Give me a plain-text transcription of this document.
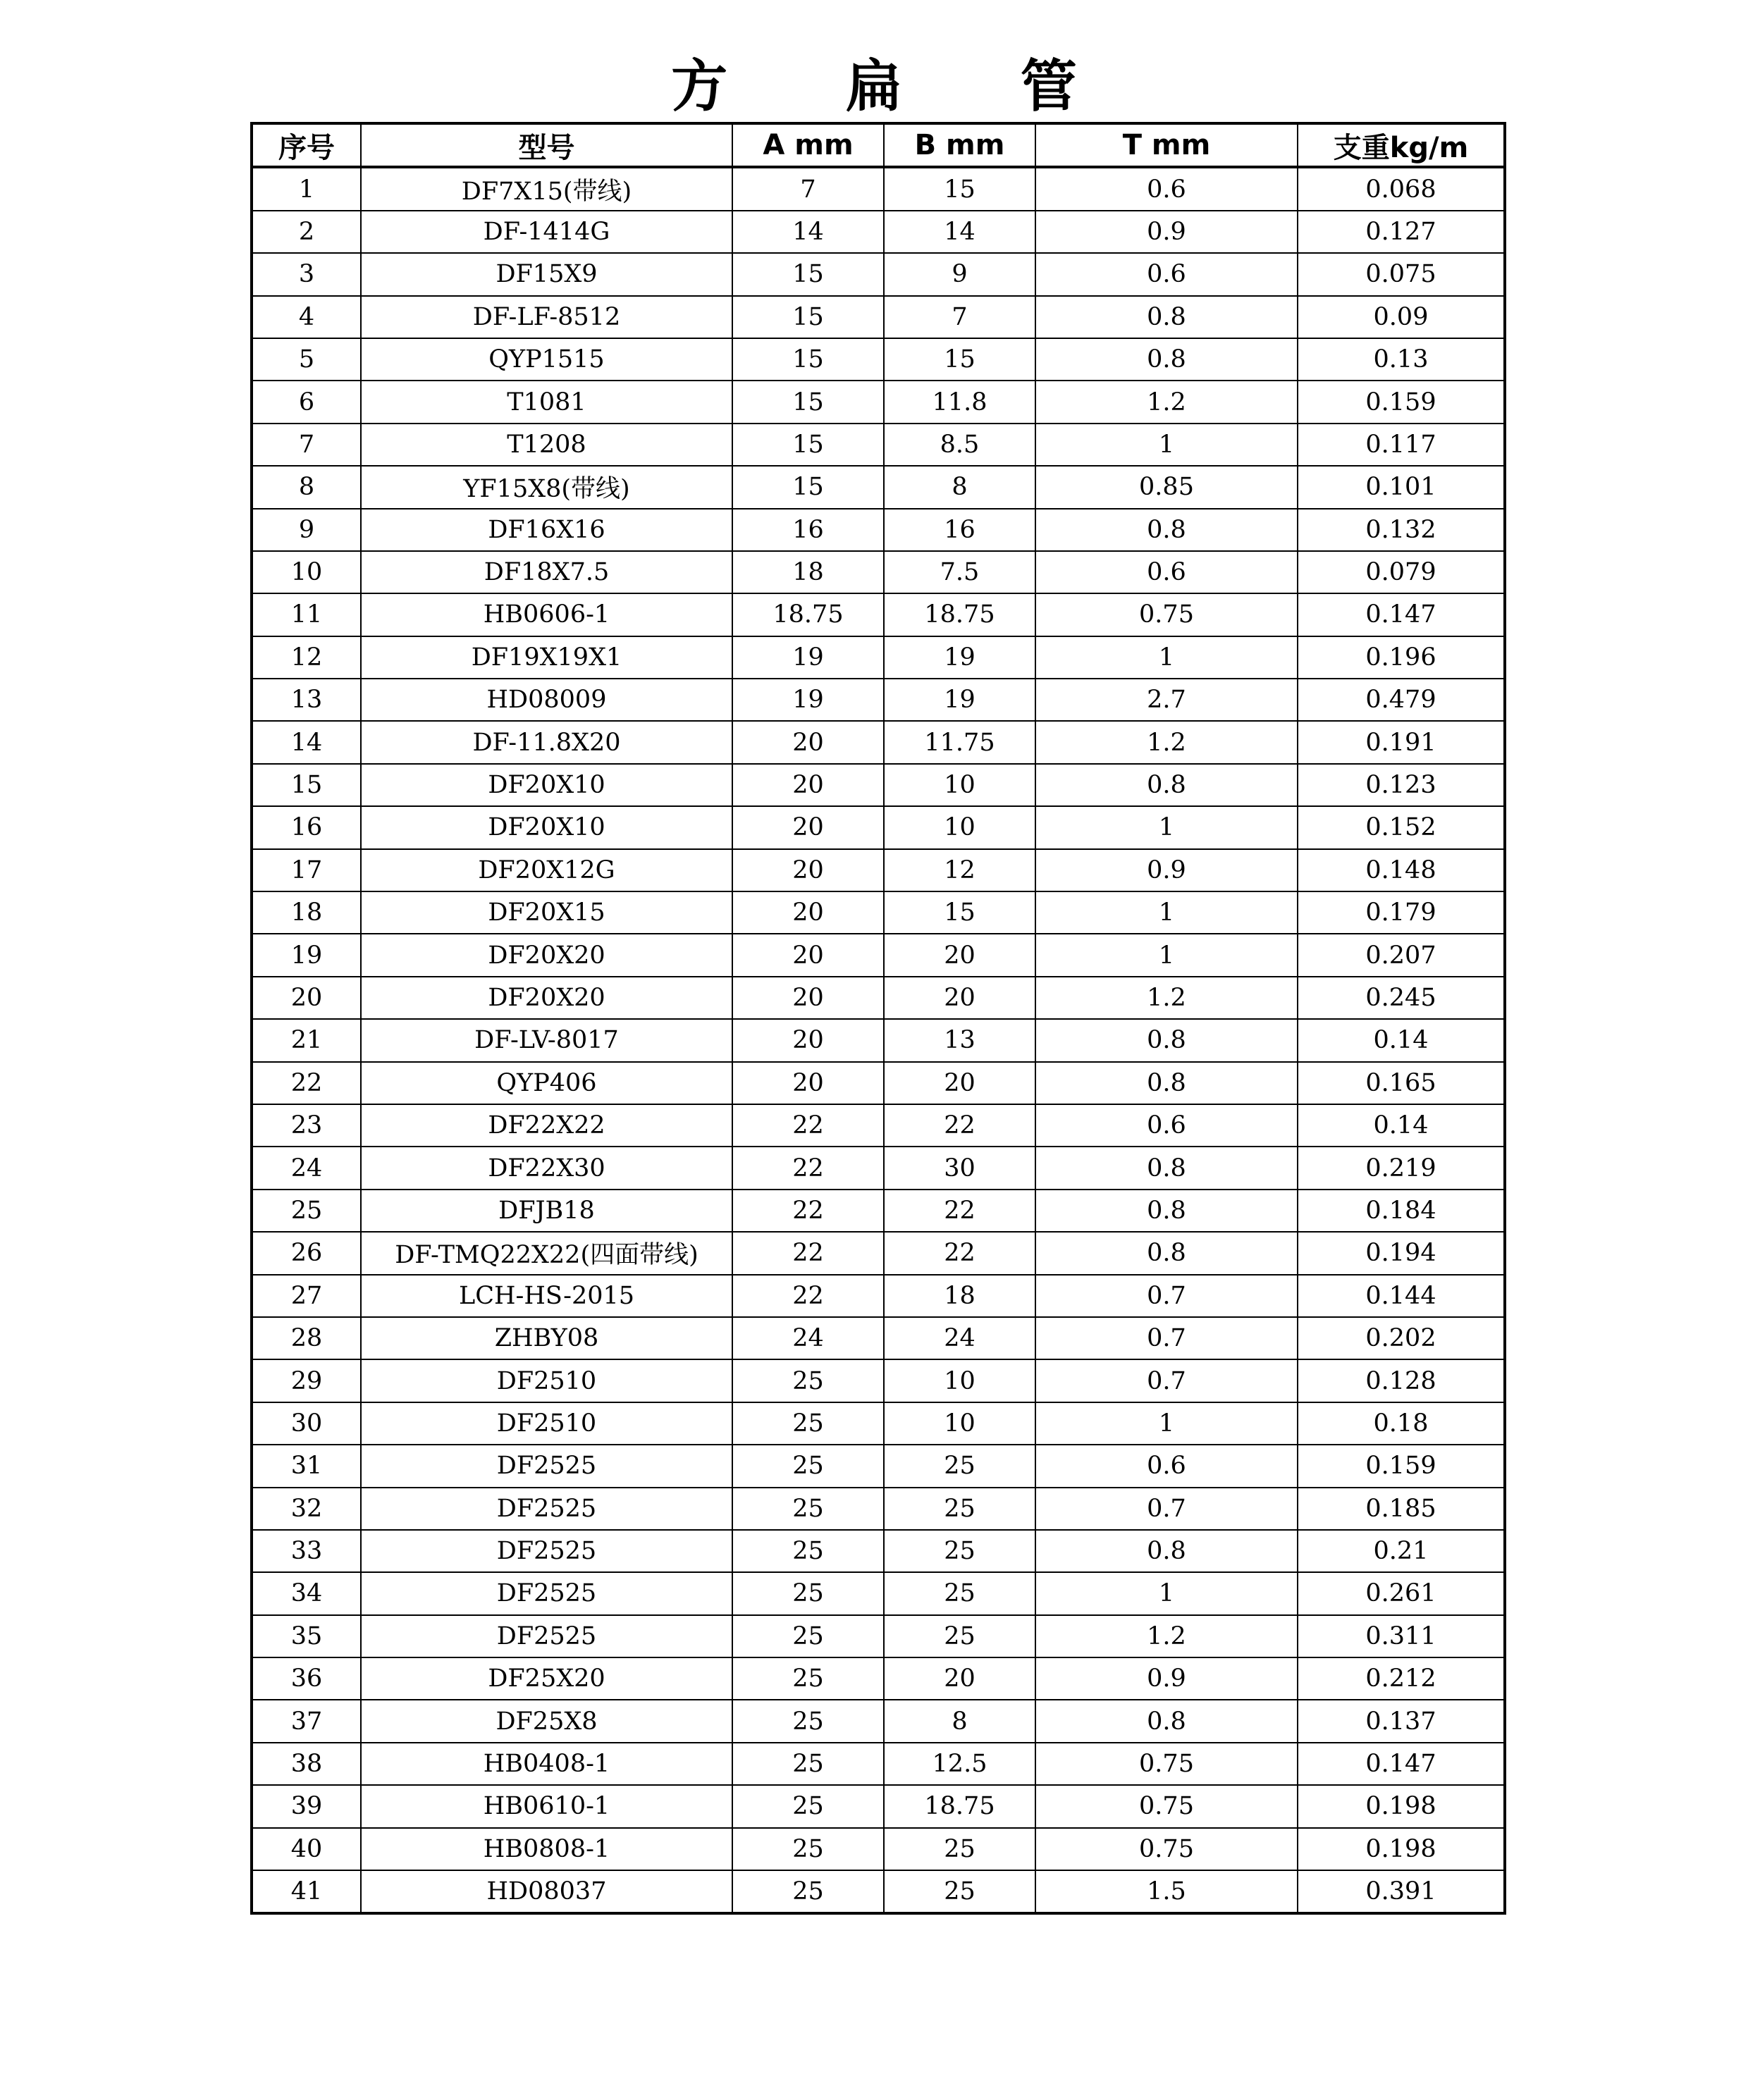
方 扁 管
序号	型号	A mm	B mm	T mm	支重kg/m
1	DF7X15(带线)	7	15	0.6	0.068
2	DF-1414G	14	14	0.9	0.127
3	DF15X9	15	9	0.6	0.075
4	DF-LF-8512	15	7	0.8	0.09
5	QYP1515	15	15	0.8	0.13
6	T1081	15	11.8	1.2	0.159
7	T1208	15	8.5	1	0.117
8	YF15X8(带线)	15	8	0.85	0.101
9	DF16X16	16	16	0.8	0.132
10	DF18X7.5	18	7.5	0.6	0.079
11	HB0606-1	18.75	18.75	0.75	0.147
12	DF19X19X1	19	19	1	0.196
13	HD08009	19	19	2.7	0.479
14	DF-11.8X20	20	11.75	1.2	0.191
15	DF20X10	20	10	0.8	0.123
16	DF20X10	20	10	1	0.152
17	DF20X12G	20	12	0.9	0.148
18	DF20X15	20	15	1	0.179
19	DF20X20	20	20	1	0.207
20	DF20X20	20	20	1.2	0.245
21	DF-LV-8017	20	13	0.8	0.14
22	QYP406	20	20	0.8	0.165
23	DF22X22	22	22	0.6	0.14
24	DF22X30	22	30	0.8	0.219
25	DFJB18	22	22	0.8	0.184
26	DF-TMQ22X22(四面带线)	22	22	0.8	0.194
27	LCH-HS-2015	22	18	0.7	0.144
28	ZHBY08	24	24	0.7	0.202
29	DF2510	25	10	0.7	0.128
30	DF2510	25	10	1	0.18
31	DF2525	25	25	0.6	0.159
32	DF2525	25	25	0.7	0.185
33	DF2525	25	25	0.8	0.21
34	DF2525	25	25	1	0.261
35	DF2525	25	25	1.2	0.311
36	DF25X20	25	20	0.9	0.212
37	DF25X8	25	8	0.8	0.137
38	HB0408-1	25	12.5	0.75	0.147
39	HB0610-1	25	18.75	0.75	0.198
40	HB0808-1	25	25	0.75	0.198
41	HD08037	25	25	1.5	0.391
